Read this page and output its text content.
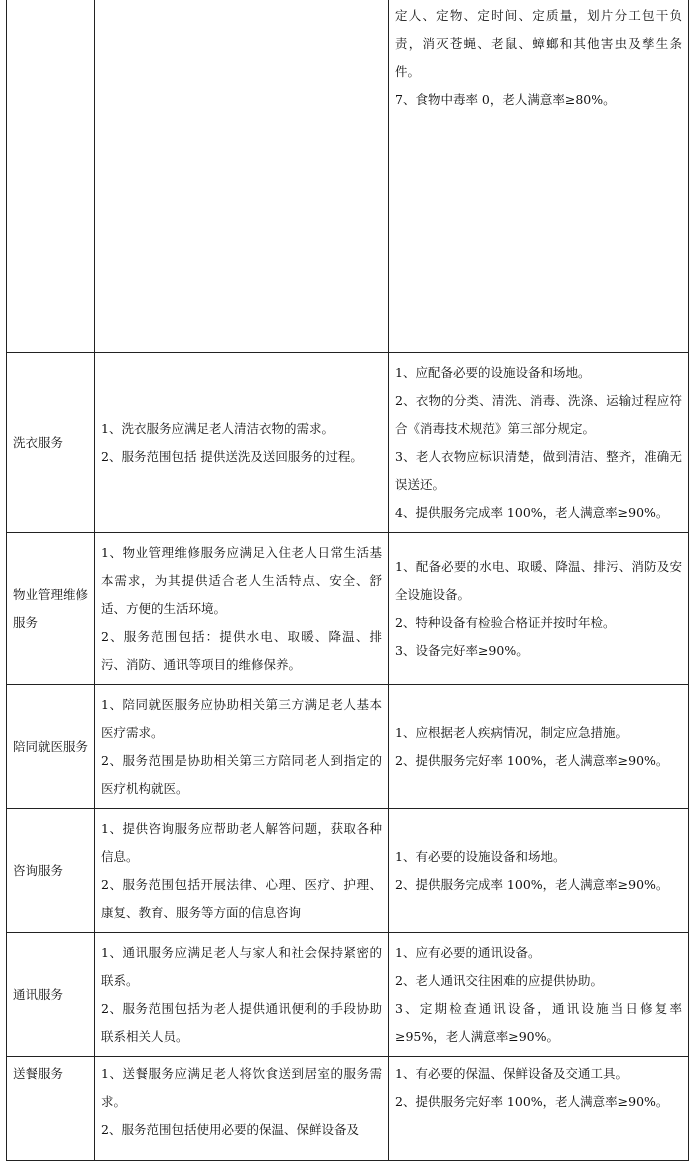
		定人、定物、定时间、定质量，划片分工包干负责，消灭苍蝇、老鼠、蟑螂和其他害虫及孳生条件。
7、食物中毒率 0，老人满意率≥80%。

洗衣服务	1、洗衣服务应满足老人清洁衣物的需求。
2、服务范围包括 提供送洗及送回服务的过程。	1、应配备必要的设施设备和场地。
2、衣物的分类、清洗、消毒、洗涤、运输过程应符合《消毒技术规范》第三部分规定。
3、老人衣物应标识清楚，做到清洁、整齐，准确无误送还。
4、提供服务完成率 100%，老人满意率≥90%。

物业管理维修服务	1、物业管理维修服务应满足入住老人日常生活基本需求，为其提供适合老人生活特点、安全、舒适、方便的生活环境。
2、服务范围包括：提供水电、取暖、降温、排污、消防、通讯等项目的维修保养。	1、配备必要的水电、取暖、降温、排污、消防及安全设施设备。
2、特种设备有检验合格证并按时年检。
3、设备完好率≥90%。

陪同就医服务	1、陪同就医服务应协助相关第三方满足老人基本医疗需求。
2、服务范围是协助相关第三方陪同老人到指定的医疗机构就医。	1、应根据老人疾病情况，制定应急措施。
2、提供服务完好率 100%，老人满意率≥90%。

咨询服务	1、提供咨询服务应帮助老人解答问题，获取各种信息。
2、服务范围包括开展法律、心理、医疗、护理、康复、教育、服务等方面的信息咨询	1、有必要的设施设备和场地。
2、提供服务完成率 100%，老人满意率≥90%。

通讯服务	1、通讯服务应满足老人与家人和社会保持紧密的联系。
2、服务范围包括为老人提供通讯便利的手段协助联系相关人员。	1、应有必要的通讯设备。
2、老人通讯交往困难的应提供协助。
3、定期检查通讯设备，通讯设施当日修复率≥95%，老人满意率≥90%。

送餐服务	1、送餐服务应满足老人将饮食送到居室的服务需求。
2、服务范围包括使用必要的保温、保鲜设备及	1、有必要的保温、保鲜设备及交通工具。
2、提供服务完好率 100%，老人满意率≥90%。
